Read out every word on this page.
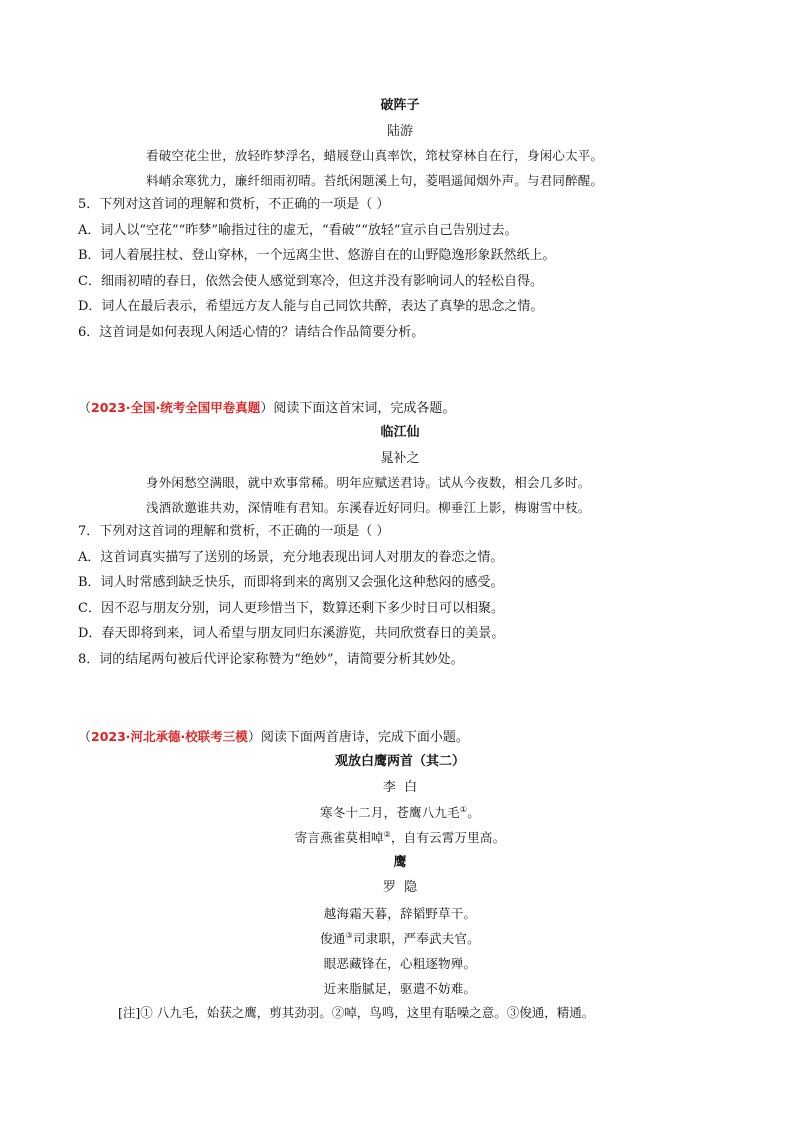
破阵子
陆游
看破空花尘世，放轻昨梦浮名，蜡屐登山真率饮，筇杖穿林自在行，身闲心太平。
料峭余寒犹力，廉纤细雨初晴。苔纸闲题溪上句，菱唱遥闻烟外声。与君同醉醒。
5．下列对这首词的理解和赏析，不正确的一项是（ ）
A．词人以“空花”“昨梦”喻指过往的虚无，“看破”“放轻”宣示自己告别过去。
B．词人着展拄杖、登山穿林，一个远离尘世、悠游自在的山野隐逸形象跃然纸上。
C．细雨初晴的春日，依然会使人感觉到寒冷，但这并没有影响词人的轻松自得。
D．词人在最后表示，希望远方友人能与自己同饮共醉，表达了真挚的思念之情。
6．这首词是如何表现人闲适心情的？请结合作品简要分析。
（2023·全国·统考全国甲卷真题）阅读下面这首宋词，完成各题。
临江仙
晁补之
身外闲愁空满眼，就中欢事常稀。明年应赋送君诗。试从今夜数，相会几多时。
浅酒欲邀谁共劝，深情唯有君知。东溪春近好同归。柳垂江上影，梅谢雪中枝。
7．下列对这首词的理解和赏析，不正确的一项是（ ）
A．这首词真实描写了送别的场景，充分地表现出词人对朋友的眷恋之情。
B．词人时常感到缺乏快乐，而即将到来的离别又会强化这种愁闷的感受。
C．因不忍与朋友分别，词人更珍惜当下，数算还剩下多少时日可以相聚。
D．春天即将到来，词人希望与朋友同归东溪游览，共同欣赏春日的美景。
8．词的结尾两句被后代评论家称赞为“绝妙”，请简要分析其妙处。
（2023·河北承德·校联考三模）阅读下面两首唐诗，完成下面小题。
观放白鹰两首（其二）
李  白
寒冬十二月，苍鹰八九毛①。
寄言燕雀莫相啅②，自有云霄万里高。
鹰
罗  隐
越海霜天暮，辞韬野草干。
俊通③司隶职，严奉武夫官。
眼恶藏锋在，心粗逐物殚。
近来脂腻足，驱遣不妨难。
[注]① 八九毛，始获之鹰，剪其劲羽。②啅，鸟鸣，这里有聒噪之意。③俊通，精通。
